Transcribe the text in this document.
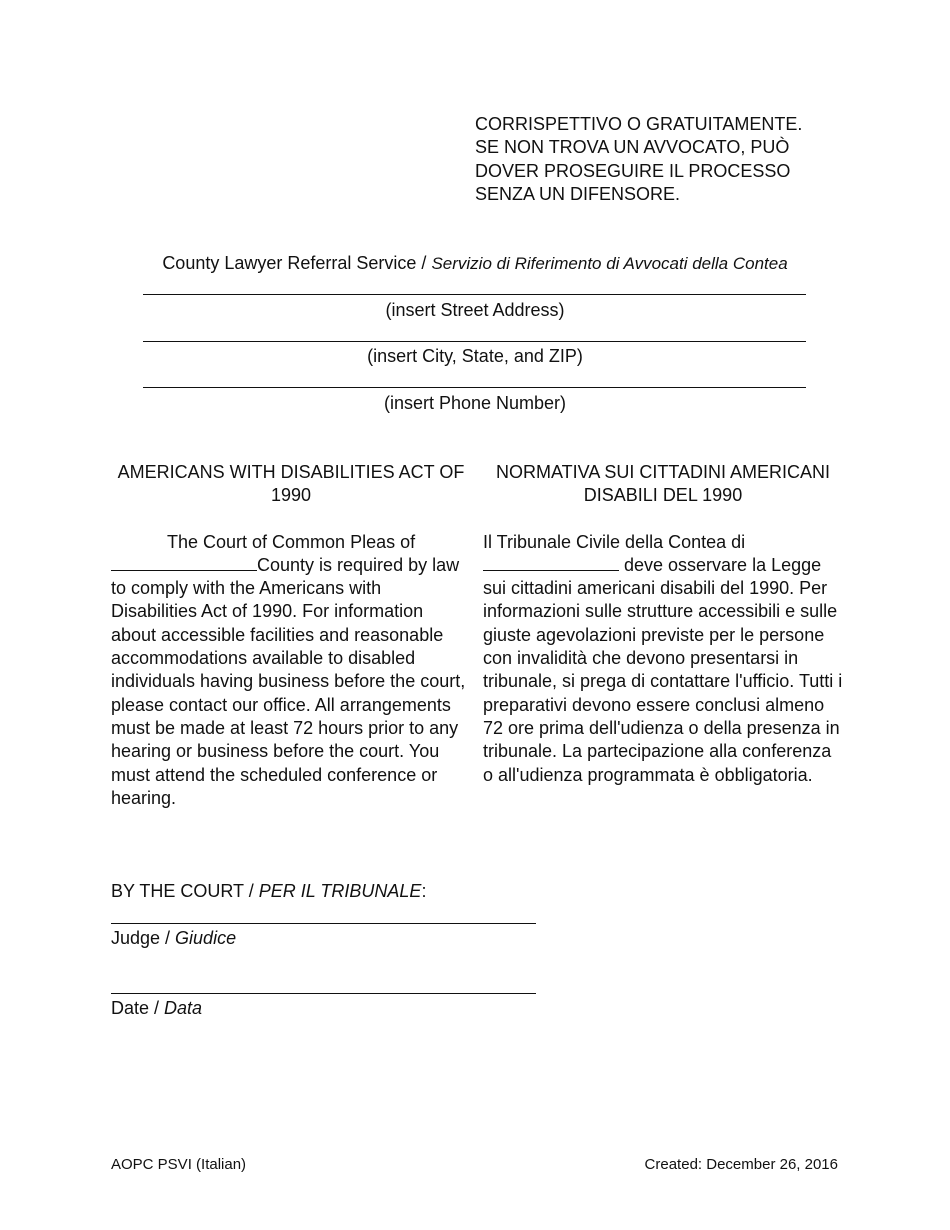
CORRISPETTIVO O GRATUITAMENTE.
SE NON TROVA UN AVVOCATO, PUÒ
DOVER PROSEGUIRE IL PROCESSO
SENZA UN DIFENSORE.
County Lawyer Referral Service / Servizio di Riferimento di Avvocati della Contea
(insert Street Address)
(insert City, State, and ZIP)
(insert Phone Number)

AMERICANS WITH DISABILITIES ACT OF 1990

The Court of Common Pleas of
County is required by law to comply with the Americans with Disabilities Act of 1990. For information about accessible facilities and reasonable accommodations available to disabled individuals having business before the court, please contact our office. All arrangements must be made at least 72 hours prior to any hearing or business before the court. You must attend the scheduled conference or hearing.

NORMATIVA SUI CITTADINI AMERICANI DISABILI DEL 1990

Il Tribunale Civile della Contea di
deve osservare la Legge sui cittadini americani disabili del 1990. Per informazioni sulle strutture accessibili e sulle giuste agevolazioni previste per le persone con invalidità che devono presentarsi in tribunale, si prega di contattare l'ufficio. Tutti i preparativi devono essere conclusi almeno 72 ore prima dell'udienza o della presenza in tribunale. La partecipazione alla conferenza o all'udienza programmata è obbligatoria.

BY THE COURT / PER IL TRIBUNALE:
Judge / Giudice
Date / Data
AOPC PSVI (Italian)	Created: December 26, 2016
